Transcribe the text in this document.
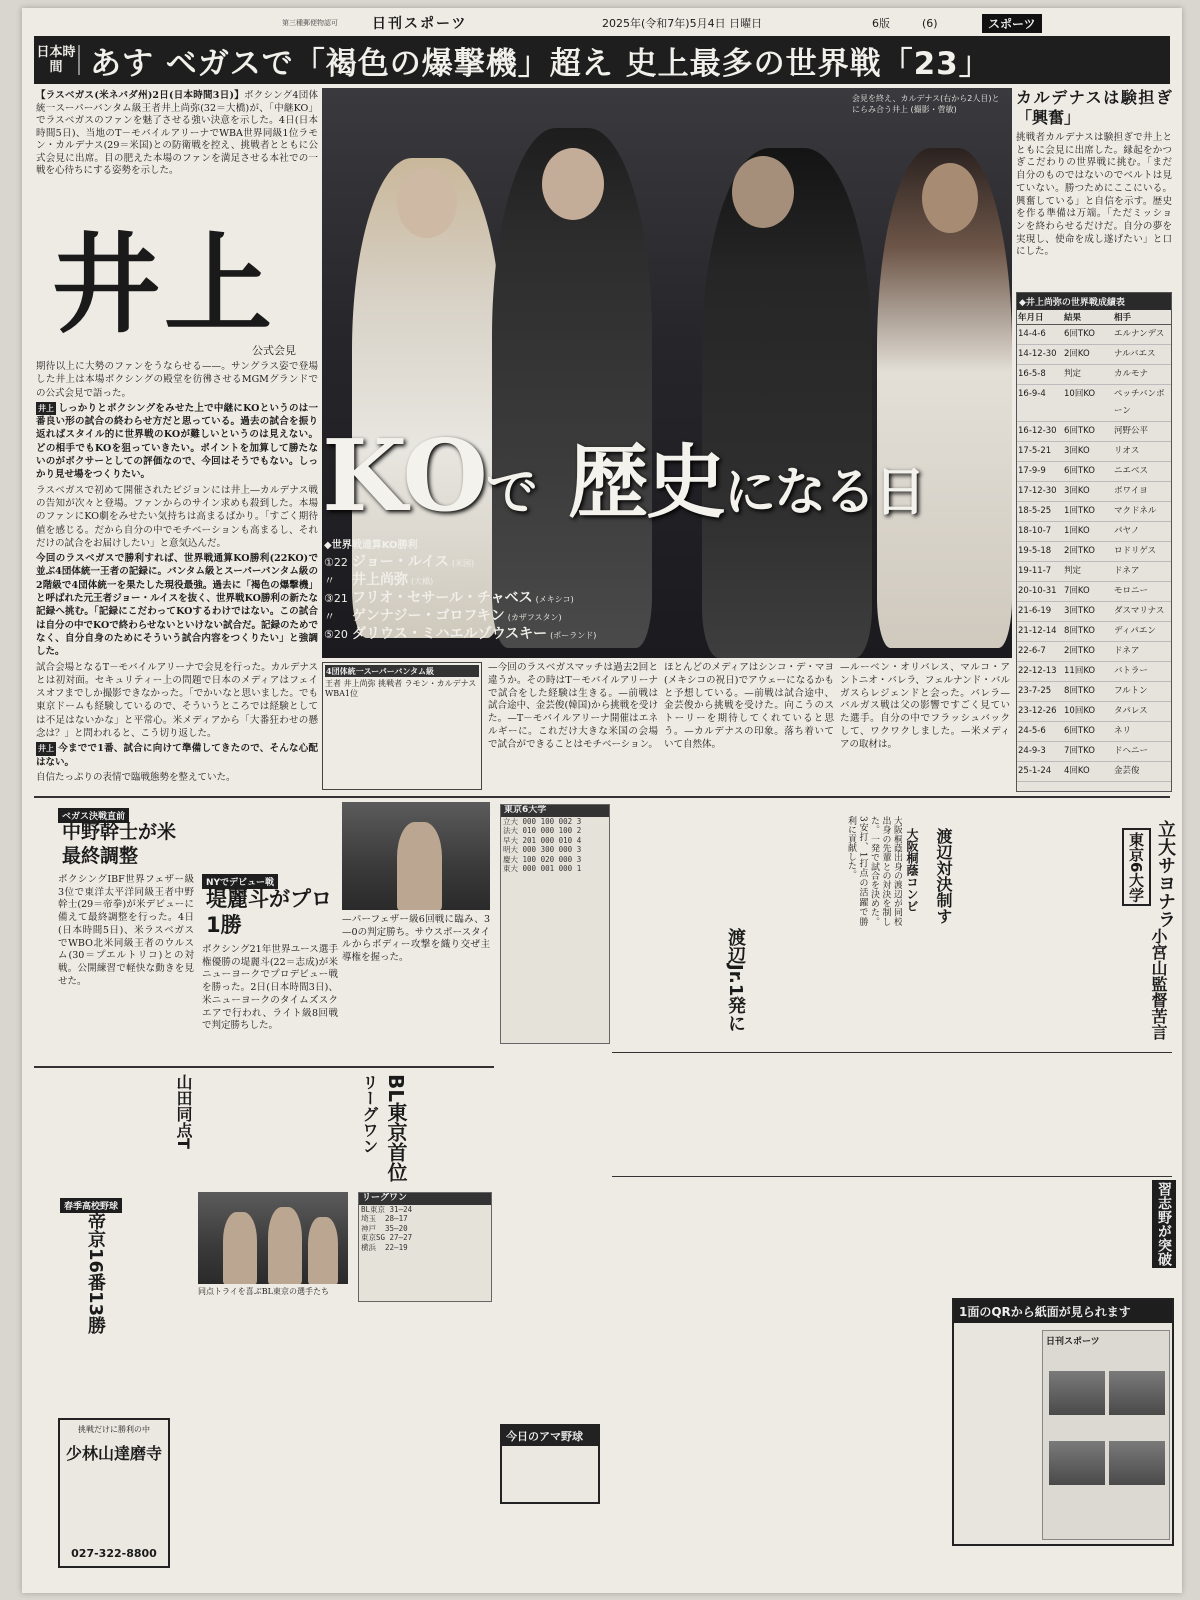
第三種郵便物認可	日刊スポーツ	2025年(令和7年)5月4日 日曜日	6版	(6)	スポーツ
日本時間 あす ベガスで「褐色の爆撃機」超え 史上最多の世界戦「23」
【ラスベガス(米ネバダ州)2日(日本時間3日)】ボクシング4団体統一スーパーバンタム級王者井上尚弥(32＝大橋)が、「中継KO」でラスベガスのファンを魅了させる強い決意を示した。4日(日本時間5日)、当地のT－モバイルアリーナでWBA世界同級1位ラモン・カルデナス(29＝米国)との防衛戦を控え、挑戦者とともに公式会見に出席。目の肥えた本場のファンを満足させる本社での一戦を心待ちにする姿勢を示した。
井上
公式会見

期待以上に大勢のファンをうならせる——。サングラス姿で登場した井上は本場ボクシングの殿堂を彷彿させるMGMグランドでの公式会見で語った。

井上 しっかりとボクシングをみせた上で中継にKOというのは一番良い形の試合の終わらせ方だと思っている。過去の試合を振り返ればスタイル的に世界戦のKOが難しいというのは見えない。どの相手でもKOを狙っていきたい。ポイントを加算して勝たないのがボクサーとしての評価なので、今回はそうでもない。しっかり見せ場をつくりたい。

ラスベガスで初めて開催されたビジョンには井上―カルデナス戦の告知が次々と登場。ファンからのサイン求めも殺到した。本場のファンにKO劇をみせたい気持ちは高まるばかり。「すごく期待値を感じる。だから自分の中でモチベーションも高まるし、それだけの試合をお届けしたい」と意気込んだ。

今回のラスベガスで勝利すれば、世界戦通算KO勝利(22KO)で並ぶ4団体統一王者の記録に。バンタム級とスーパーバンタム級の2階級で4団体統一を果たした現役最強。過去に「褐色の爆撃機」と呼ばれた元王者ジョー・ルイスを抜く、世界戦KO勝利の新たな記録へ挑む。「記録にこだわってKOするわけではない。この試合は自分の中でKOで終わらせないといけない試合だ。記録のためでなく、自分自身のためにそういう試合内容をつくりたい」と強調した。

試合会場となるT－モバイルアリーナで会見を行った。カルデナスとは初対面。セキュリティー上の問題で日本のメディアはフェイスオフまでしか撮影できなかった。「でかいなと思いました。でも東京ドームも経験しているので、そういうところでは経験としては不足はないかな」と平常心。米メディアから「大番狂わせの懸念は？」と問われると、こう切り返した。

井上 今までで1番、試合に向けて準備してきたので、そんな心配はない。

自信たっぷりの表情で臨戦態勢を整えていた。

会見を終え、カルデナス(右から2人目)とにらみ合う井上 (撮影・菅敏)
KOで 歴史になる日
◆世界戦通算KO勝利
①22 ジョー・ルイス (米国)
〃	井上尚弥 (大橋)
③21 フリオ・セサール・チャベス (メキシコ)
〃	ゲンナジー・ゴロフキン (カザフスタン)
⑤20 ダリウス・ミハエルゾウスキー (ポーランド)
カルデナスは験担ぎ「興奮」
挑戦者カルデナスは験担ぎで井上とともに会見に出席した。縁起をかつぎこだわりの世界戦に挑む。「まだ自分のものではないのでベルトは見ていない。勝つためにここにいる。興奮している」と自信を示す。歴史を作る準備は万端。「ただミッションを終わらせるだけだ。自分の夢を実現し、使命を成し遂げたい」と口にした。
◆井上尚弥の世界戦成績表
年月日	結果	相手
14-4-6	6回TKO	エルナンデス
14-12-30 2回KO	ナルバエス
16-5-8	判定	カルモナ
16-9-4	10回KO	ペッチバンボーン
16-12-30 6回TKO	河野公平
17-5-21	3回KO	リオス
17-9-9	6回TKO	ニエベス
17-12-30 3回KO	ボワイヨ
18-5-25	1回TKO	マクドネル
18-10-7	1回KO	パヤノ
19-5-18	2回TKO	ロドリゲス
19-11-7	判定	ドネア
20-10-31 7回KO	モロニー
21-6-19	3回TKO	ダスマリナス
21-12-14 8回TKO	ディパエン
22-6-7	2回TKO	ドネア
22-12-13 11回KO	バトラー
23-7-25	8回TKO	フルトン
23-12-26 10回KO	タパレス
24-5-6	6回TKO	ネリ
24-9-3	7回TKO	ドヘニー
25-1-24	4回KO	金芸俊
4団体統一スーパーバンタム級
王者 井上尚弥 挑戦者 ラモン・カルデナス WBA1位
—今回のラスベガスマッチは過去2回と違うか。その時はT－モバイルアリーナで試合をした経験は生きる。—前戦は試合途中、金芸俊(韓国)から挑戦を受けた。—T－モバイルアリーナ開催はエネルギーに。これだけ大きな米国の会場で試合ができることはモチベーション。
ほとんどのメディアはシンコ・デ・マヨ(メキシコの祝日)でアウェーになるかもと予想している。—前戦は試合途中、金芸俊から挑戦を受けた。向こうのストーリーを期待してくれていると思う。—カルデナスの印象。落ち着いていて自然体。
—ルーベン・オリバレス、マルコ・アントニオ・バレラ、フェルナンド・バルガスらレジェンドと会った。バレラ—バルガス戦は父の影響ですごく見ていた選手。自分の中でフラッシュバックして、ワクワクしました。—米メディアの取材は。
ベガス決戦直前
中野幹士が米最終調整
ボクシングIBF世界フェザー級3位で東洋太平洋同級王者中野幹士(29＝帝拳)が米デビューに備えて最終調整を行った。4日(日本時間5日)、米ラスベガスでWBO北米同級王者のウルスム(30＝プエルトリコ)との対戦。公開練習で軽快な動きを見せた。
NYでデビュー戦
堤麗斗がプロ1勝
ボクシング21年世界ユース選手権優勝の堤麗斗(22＝志成)が米ニューヨークでプロデビュー戦を勝った。2日(日本時間3日)、米ニューヨークのタイムズスクエアで行われ、ライト級8回戦で判定勝ちした。
—パーフェザー級6回戦に臨み、3—0の判定勝ち。サウスポースタイルからボディー攻撃を織り交ぜ主導権を握った。
BL東京首位
リーグワン
山田同点T
同点トライを喜ぶBL東京の選手たち
春季高校野球
帝京16番13勝
リーグワン
BL東京 31—24
埼玉  28—17
神戸  35—20
東京SG 27—27
横浜  22—19
立大サヨナラ
東京6大学
小宮山監督苦言
渡辺対決制す
大阪桐蔭コンビ
渡辺Jr.1発に
大阪桐蔭出身の渡辺が同校出身の先輩との対決を制した。一発で試合を決めた。3安打、1打点の活躍で勝利に貢献した。
東京6大学
立大 000 100 002 3
法大 010 000 100 2
早大 201 000 010 4
明大 000 300 000 3
慶大 100 020 000 3
東大 000 001 000 1
習志野が突破
1面のQRから紙面が見られます
日刊スポーツ
挑戦だけに勝利の中
少林山達磨寺
027-322-8800
今日のアマ野球
